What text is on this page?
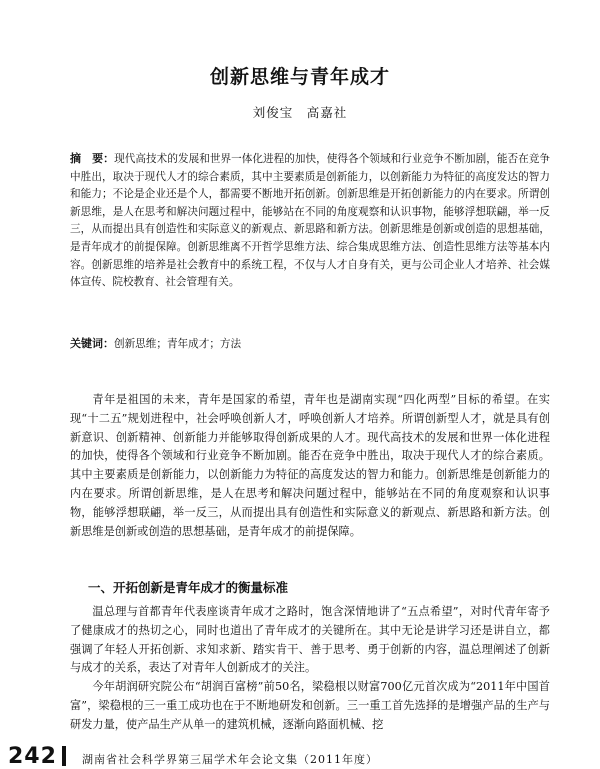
创新思维与青年成才
刘俊宝　高嘉社
摘　要：现代高技术的发展和世界一体化进程的加快，使得各个领域和行业竞争不断加剧，能否在竞争中胜出，取决于现代人才的综合素质，其中主要素质是创新能力，以创新能力为特征的高度发达的智力和能力；不论是企业还是个人，都需要不断地开拓创新。创新思维是开拓创新能力的内在要求。所谓创新思维，是人在思考和解决问题过程中，能够站在不同的角度观察和认识事物，能够浮想联翩，举一反三，从而提出具有创造性和实际意义的新观点、新思路和新方法。创新思维是创新或创造的思想基础，是青年成才的前提保障。创新思维离不开哲学思维方法、综合集成思维方法、创造性思维方法等基本内容。创新思维的培养是社会教育中的系统工程，不仅与人才自身有关，更与公司企业人才培养、社会媒体宣传、院校教育、社会管理有关。
关键词：创新思维；青年成才；方法

青年是祖国的未来，青年是国家的希望，青年也是湖南实现“四化两型”目标的希望。在实现“十二五”规划进程中，社会呼唤创新人才，呼唤创新人才培养。所谓创新型人才，就是具有创新意识、创新精神、创新能力并能够取得创新成果的人才。现代高技术的发展和世界一体化进程的加快，使得各个领域和行业竞争不断加剧。能否在竞争中胜出，取决于现代人才的综合素质。其中主要素质是创新能力，以创新能力为特征的高度发达的智力和能力。创新思维是创新能力的内在要求。所谓创新思维，是人在思考和解决问题过程中，能够站在不同的角度观察和认识事物，能够浮想联翩，举一反三，从而提出具有创造性和实际意义的新观点、新思路和新方法。创新思维是创新或创造的思想基础，是青年成才的前提保障。

一、开拓创新是青年成才的衡量标准

温总理与首都青年代表座谈青年成才之路时，饱含深情地讲了“五点希望”，对时代青年寄予了健康成才的热切之心，同时也道出了青年成才的关键所在。其中无论是讲学习还是讲自立，都强调了年轻人开拓创新、求知求新、踏实肯干、善于思考、勇于创新的内容，温总理阐述了创新与成才的关系，表达了对青年人创新成才的关注。

今年胡润研究院公布“胡润百富榜”前50名，梁稳根以财富700亿元首次成为“2011年中国首富”，梁稳根的三一重工成功也在于不断地研发和创新。三一重工首先选择的是增强产品的生产与研发力量，使产品生产从单一的建筑机械，逐渐向路面机械、挖

242 湖南省社会科学界第三届学术年会论文集（2011年度）
